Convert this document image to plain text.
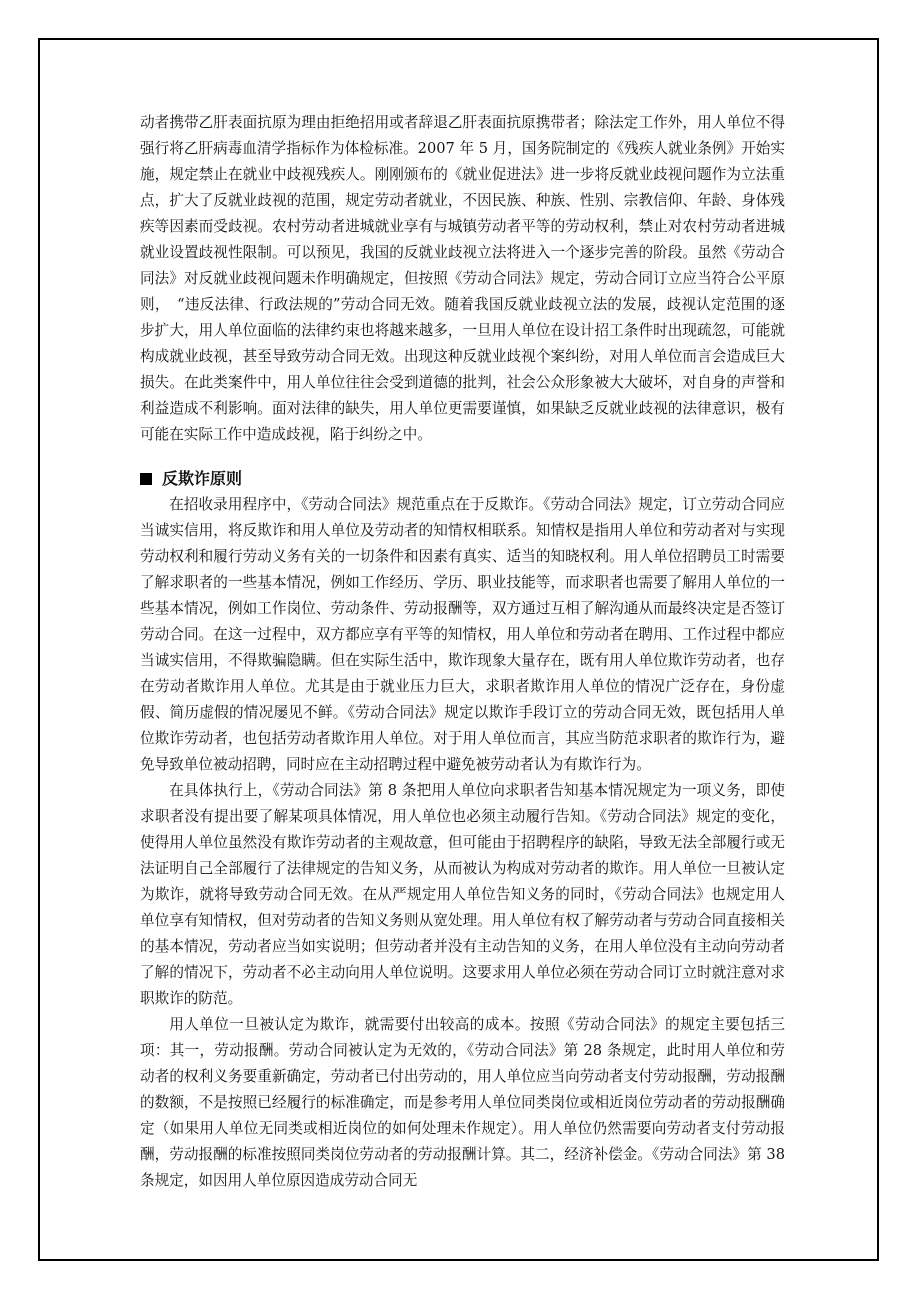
动者携带乙肝表面抗原为理由拒绝招用或者辞退乙肝表面抗原携带者；除法定工作外，用人单位不得强行将乙肝病毒血清学指标作为体检标准。2007 年 5 月，国务院制定的《残疾人就业条例》开始实施，规定禁止在就业中歧视残疾人。刚刚颁布的《就业促进法》进一步将反就业歧视问题作为立法重点，扩大了反就业歧视的范围，规定劳动者就业，不因民族、种族、性别、宗教信仰、年龄、身体残疾等因素而受歧视。农村劳动者进城就业享有与城镇劳动者平等的劳动权利，禁止对农村劳动者进城就业设置歧视性限制。可以预见，我国的反就业歧视立法将进入一个逐步完善的阶段。虽然《劳动合同法》对反就业歧视问题未作明确规定，但按照《劳动合同法》规定，劳动合同订立应当符合公平原则，　“违反法律、行政法规的”劳动合同无效。随着我国反就业歧视立法的发展，歧视认定范围的逐步扩大，用人单位面临的法律约束也将越来越多，一旦用人单位在设计招工条件时出现疏忽，可能就构成就业歧视，甚至导致劳动合同无效。出现这种反就业歧视个案纠纷，对用人单位而言会造成巨大损失。在此类案件中，用人单位往往会受到道德的批判，社会公众形象被大大破坏，对自身的声誉和利益造成不利影响。面对法律的缺失，用人单位更需要谨慎，如果缺乏反就业歧视的法律意识，极有可能在实际工作中造成歧视，陷于纠纷之中。

反欺诈原则

在招收录用程序中，《劳动合同法》规范重点在于反欺诈。《劳动合同法》规定，订立劳动合同应当诚实信用，将反欺诈和用人单位及劳动者的知情权相联系。知情权是指用人单位和劳动者对与实现劳动权利和履行劳动义务有关的一切条件和因素有真实、适当的知晓权利。用人单位招聘员工时需要了解求职者的一些基本情况，例如工作经历、学历、职业技能等，而求职者也需要了解用人单位的一些基本情况，例如工作岗位、劳动条件、劳动报酬等，双方通过互相了解沟通从而最终决定是否签订劳动合同。在这一过程中，双方都应享有平等的知情权，用人单位和劳动者在聘用、工作过程中都应当诚实信用，不得欺骗隐瞒。但在实际生活中，欺诈现象大量存在，既有用人单位欺诈劳动者，也存在劳动者欺诈用人单位。尤其是由于就业压力巨大，求职者欺诈用人单位的情况广泛存在，身份虚假、简历虚假的情况屡见不鲜。《劳动合同法》规定以欺诈手段订立的劳动合同无效，既包括用人单位欺诈劳动者，也包括劳动者欺诈用人单位。对于用人单位而言，其应当防范求职者的欺诈行为，避免导致单位被动招聘，同时应在主动招聘过程中避免被劳动者认为有欺诈行为。

在具体执行上，《劳动合同法》第 8 条把用人单位向求职者告知基本情况规定为一项义务，即使求职者没有提出要了解某项具体情况，用人单位也必须主动履行告知。《劳动合同法》规定的变化，使得用人单位虽然没有欺诈劳动者的主观故意，但可能由于招聘程序的缺陷，导致无法全部履行或无法证明自己全部履行了法律规定的告知义务，从而被认为构成对劳动者的欺诈。用人单位一旦被认定为欺诈，就将导致劳动合同无效。在从严规定用人单位告知义务的同时，《劳动合同法》也规定用人单位享有知情权，但对劳动者的告知义务则从宽处理。用人单位有权了解劳动者与劳动合同直接相关的基本情况，劳动者应当如实说明；但劳动者并没有主动告知的义务，在用人单位没有主动向劳动者了解的情况下，劳动者不必主动向用人单位说明。这要求用人单位必须在劳动合同订立时就注意对求职欺诈的防范。

用人单位一旦被认定为欺诈，就需要付出较高的成本。按照《劳动合同法》的规定主要包括三项：其一，劳动报酬。劳动合同被认定为无效的，《劳动合同法》第 28 条规定，此时用人单位和劳动者的权利义务要重新确定，劳动者已付出劳动的，用人单位应当向劳动者支付劳动报酬，劳动报酬的数额，不是按照已经履行的标准确定，而是参考用人单位同类岗位或相近岗位劳动者的劳动报酬确定（如果用人单位无同类或相近岗位的如何处理未作规定）。用人单位仍然需要向劳动者支付劳动报酬，劳动报酬的标准按照同类岗位劳动者的劳动报酬计算。其二，经济补偿金。《劳动合同法》第 38 条规定，如因用人单位原因造成劳动合同无
